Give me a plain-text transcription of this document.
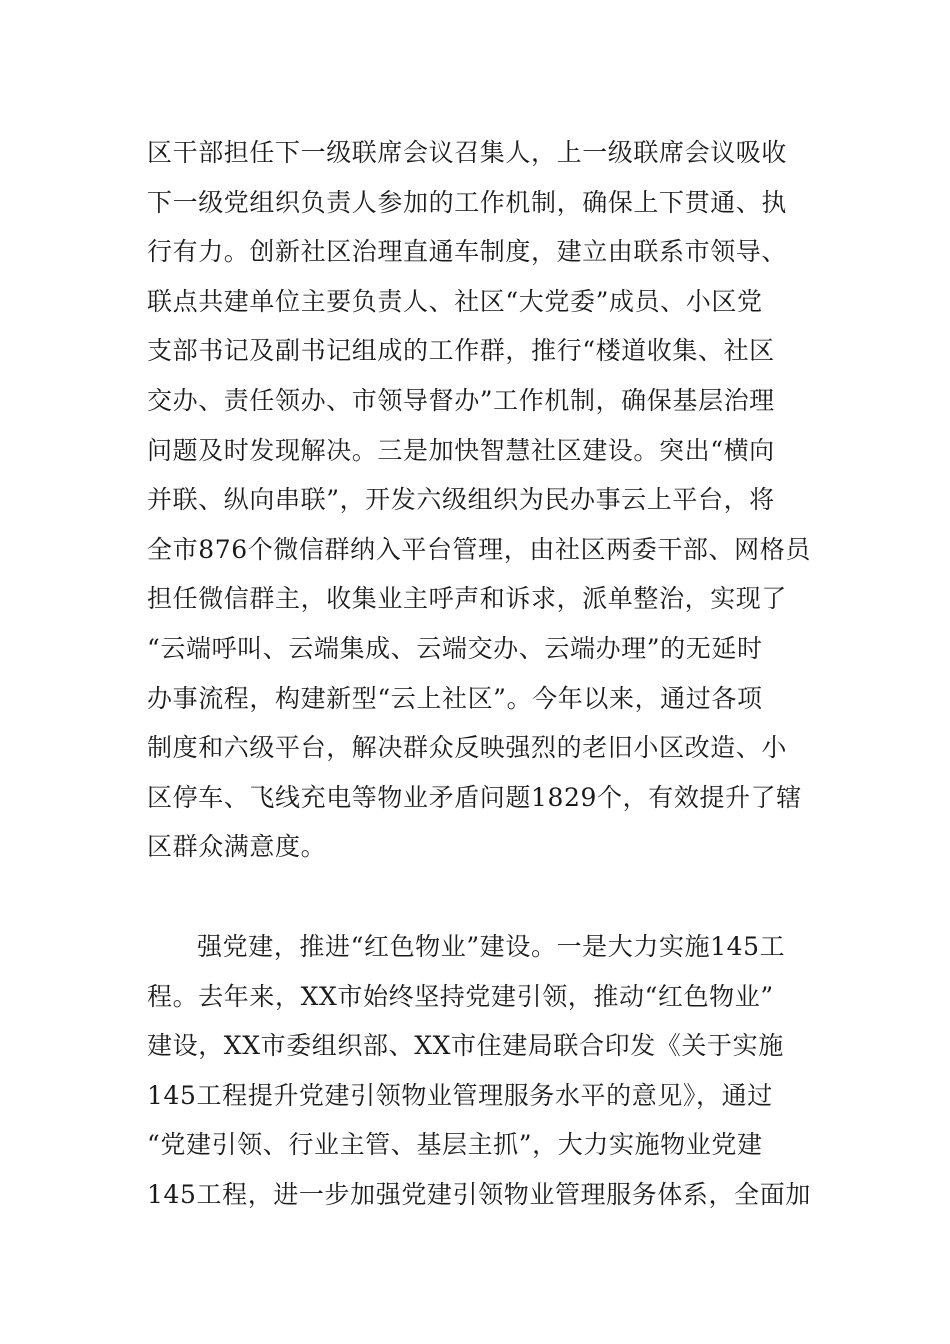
区干部担任下一级联席会议召集人，上一级联席会议吸收
下一级党组织负责人参加的工作机制，确保上下贯通、执
行有力。创新社区治理直通车制度，建立由联系市领导、
联点共建单位主要负责人、社区“大党委”成员、小区党
支部书记及副书记组成的工作群，推行“楼道收集、社区
交办、责任领办、市领导督办”工作机制，确保基层治理
问题及时发现解决。三是加快智慧社区建设。突出“横向
并联、纵向串联”，开发六级组织为民办事云上平台，将
全市876个微信群纳入平台管理，由社区两委干部、网格员
担任微信群主，收集业主呼声和诉求，派单整治，实现了
“云端呼叫、云端集成、云端交办、云端办理”的无延时
办事流程，构建新型“云上社区”。今年以来，通过各项
制度和六级平台，解决群众反映强烈的老旧小区改造、小
区停车、飞线充电等物业矛盾问题1829个，有效提升了辖
区群众满意度。
强党建，推进“红色物业”建设。一是大力实施145工
程。去年来，XX市始终坚持党建引领，推动“红色物业”
建设，XX市委组织部、XX市住建局联合印发《关于实施
145工程提升党建引领物业管理服务水平的意见》，通过
“党建引领、行业主管、基层主抓”，大力实施物业党建
145工程，进一步加强党建引领物业管理服务体系，全面加
